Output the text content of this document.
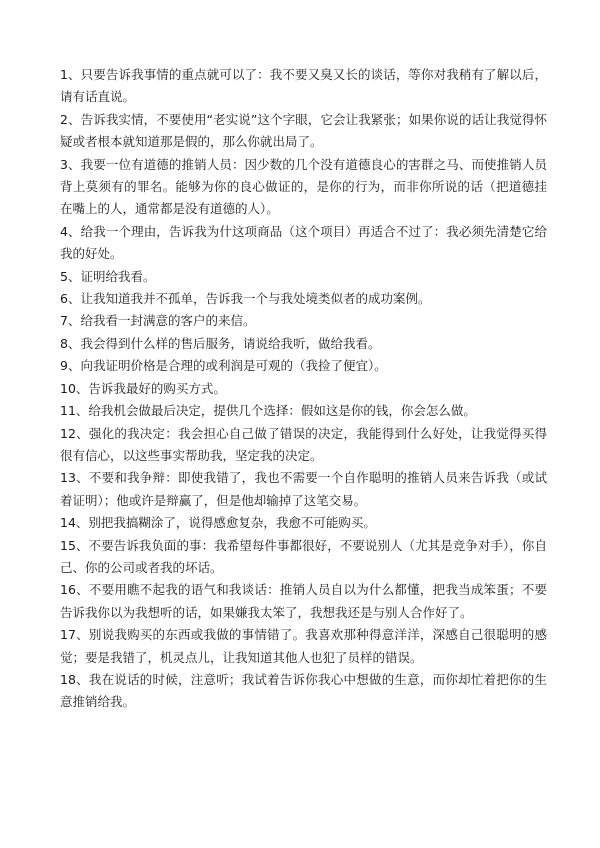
1、只要告诉我事情的重点就可以了：我不要又臭又长的谈话，等你对我稍有了解以后，请有话直说。

2、告诉我实情，不要使用“老实说”这个字眼，它会让我紧张；如果你说的话让我觉得怀疑或者根本就知道那是假的，那么你就出局了。

3、我要一位有道德的推销人员：因少数的几个没有道德良心的害群之马、而使推销人员背上莫须有的罪名。能够为你的良心做证的，是你的行为，而非你所说的话（把道德挂在嘴上的人，通常都是没有道德的人）。

4、给我一个理由，告诉我为什这项商品（这个项目）再适合不过了：我必须先清楚它给我的好处。

5、证明给我看。

6、让我知道我并不孤单，告诉我一个与我处境类似者的成功案例。

7、给我看一封满意的客户的来信。

8、我会得到什么样的售后服务，请说给我听，做给我看。

9、向我证明价格是合理的或利润是可观的（我捡了便宜）。

10、告诉我最好的购买方式。

11、给我机会做最后决定，提供几个选择：假如这是你的钱，你会怎么做。

12、强化的我决定：我会担心自己做了错误的决定，我能得到什么好处，让我觉得买得很有信心，以这些事实帮助我，坚定我的决定。

13、不要和我争辩：即使我错了，我也不需要一个自作聪明的推销人员来告诉我（或试着证明）；他或许是辩赢了，但是他却输掉了这笔交易。

14、别把我搞糊涂了，说得感愈复杂，我愈不可能购买。

15、不要告诉我负面的事：我希望每件事都很好，不要说别人（尤其是竞争对手），你自己、你的公司或者我的坏话。

16、不要用瞧不起我的语气和我谈话：推销人员自以为什么都懂，把我当成笨蛋；不要告诉我你以为我想听的话，如果嫌我太笨了，我想我还是与别人合作好了。

17、别说我购买的东西或我做的事情错了。我喜欢那种得意洋洋，深感自己很聪明的感觉；要是我错了，机灵点儿，让我知道其他人也犯了员样的错误。

18、我在说话的时候，注意听；我试着告诉你我心中想做的生意，而你却忙着把你的生意推销给我。
